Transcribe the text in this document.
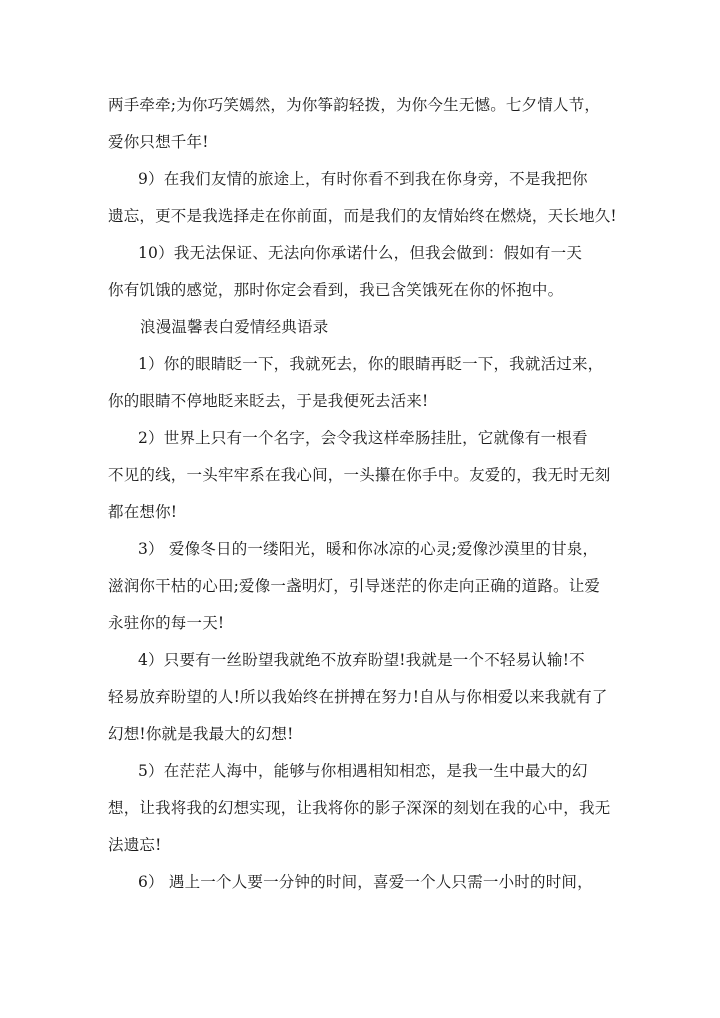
两手牵牵;为你巧笑嫣然，为你筝韵轻拨，为你今生无憾。七夕情人节，
爱你只想千年!
9）在我们友情的旅途上，有时你看不到我在你身旁，不是我把你
遗忘，更不是我选择走在你前面，而是我们的友情始终在燃烧，天长地久!
10）我无法保证、无法向你承诺什么，但我会做到：假如有一天
你有饥饿的感觉，那时你定会看到，我已含笑饿死在你的怀抱中。
浪漫温馨表白爱情经典语录
1）你的眼睛眨一下，我就死去，你的眼睛再眨一下，我就活过来，
你的眼睛不停地眨来眨去，于是我便死去活来!
2）世界上只有一个名字，会令我这样牵肠挂肚，它就像有一根看
不见的线，一头牢牢系在我心间，一头攥在你手中。友爱的，我无时无刻
都在想你!
3） 爱像冬日的一缕阳光，暖和你冰凉的心灵;爱像沙漠里的甘泉，
滋润你干枯的心田;爱像一盏明灯，引导迷茫的你走向正确的道路。让爱
永驻你的每一天!
4）只要有一丝盼望我就绝不放弃盼望!我就是一个不轻易认输!不
轻易放弃盼望的人!所以我始终在拼搏在努力!自从与你相爱以来我就有了
幻想!你就是我最大的幻想!
5）在茫茫人海中，能够与你相遇相知相恋，是我一生中最大的幻
想，让我将我的幻想实现，让我将你的影子深深的刻划在我的心中，我无
法遗忘!
6） 遇上一个人要一分钟的时间，喜爱一个人只需一小时的时间，
